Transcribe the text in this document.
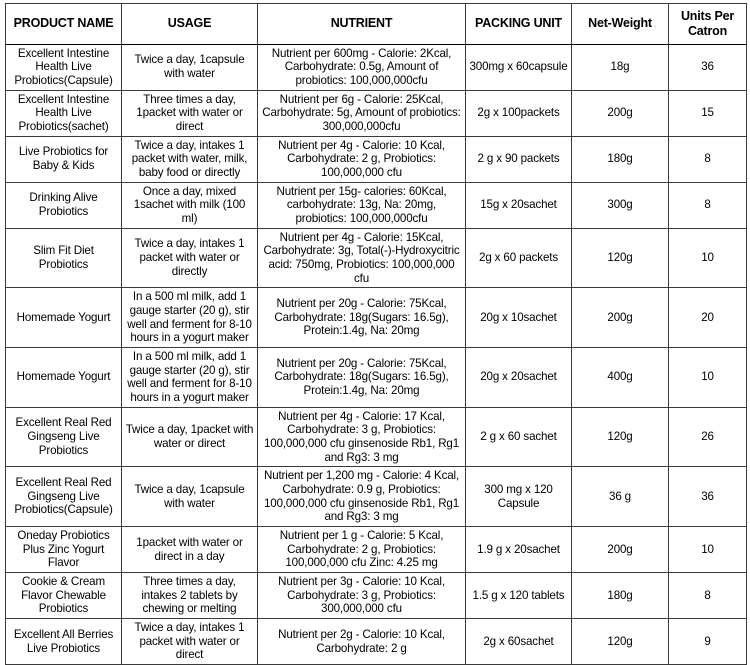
PRODUCT NAME	USAGE	NUTRIENT	PACKING UNIT	Net-Weight	Units Per Catron
Excellent Intestine Health Live Probiotics(Capsule)	Twice a day, 1capsule with water	Nutrient per 600mg - Calorie: 2Kcal, Carbohydrate: 0.5g, Amount of probiotics: 100,000,000cfu	300mg x 60capsule	18g	36
Excellent Intestine Health Live Probiotics(sachet)	Three times a day, 1packet with water or direct	Nutrient per 6g - Calorie: 25Kcal, Carbohydrate: 5g, Amount of probiotics: 300,000,000cfu	2g x 100packets	200g	15
Live Probiotics for Baby & Kids	Twice a day, intakes 1 packet with water, milk, baby food or directly	Nutrient per 4g - Calorie: 10 Kcal, Carbohydrate: 2 g, Probiotics: 100,000,000 cfu	2 g x 90 packets	180g	8
Drinking Alive Probiotics	Once a day, mixed 1sachet with milk (100 ml)	Nutrient per 15g- calories: 60Kcal, carbohydrate: 13g, Na: 20mg, probiotics: 100,000,000cfu	15g x 20sachet	300g	8
Slim Fit Diet Probiotics	Twice a day, intakes 1 packet with water or directly	Nutrient per 4g - Calorie: 15Kcal, Carbohydrate: 3g, Total(-)-Hydroxycitric acid: 750mg, Probiotics: 100,000,000 cfu	2g x 60 packets	120g	10
Homemade Yogurt	In a 500 ml milk, add 1 gauge starter (20 g), stir well and ferment for 8-10 hours in a yogurt maker	Nutrient per 20g - Calorie: 75Kcal, Carbohydrate: 18g(Sugars: 16.5g), Protein:1.4g, Na: 20mg	20g x 10sachet	200g	20
Homemade Yogurt	In a 500 ml milk, add 1 gauge starter (20 g), stir well and ferment for 8-10 hours in a yogurt maker	Nutrient per 20g - Calorie: 75Kcal, Carbohydrate: 18g(Sugars: 16.5g), Protein:1.4g, Na: 20mg	20g x 20sachet	400g	10
Excellent Real Red Gingseng Live Probiotics	Twice a day, 1packet with water or direct	Nutrient per 4g - Calorie: 17 Kcal, Carbohydrate: 3 g, Probiotics: 100,000,000 cfu ginsenoside Rb1, Rg1 and Rg3: 3 mg	2 g x 60 sachet	120g	26
Excellent Real Red Gingseng Live Probiotics(Capsule)	Twice a day, 1capsule with water	Nutrient per 1,200 mg - Calorie: 4 Kcal, Carbohydrate: 0.9 g, Probiotics: 100,000,000 cfu ginsenoside Rb1, Rg1 and Rg3: 3 mg	300 mg x 120 Capsule	36 g	36
Oneday Probiotics Plus Zinc Yogurt Flavor	1packet with water or direct in a day	Nutrient per 1 g - Calorie: 5 Kcal, Carbohydrate: 2 g, Probiotics: 100,000,000 cfu Zinc: 4.25 mg	1.9 g x 20sachet	200g	10
Cookie & Cream Flavor Chewable Probiotics	Three times a day, intakes 2 tablets by chewing or melting	Nutrient per 3g - Calorie: 10 Kcal, Carbohydrate: 3 g, Probiotics: 300,000,000 cfu	1.5 g x 120 tablets	180g	8
Excellent All Berries Live Probiotics	Twice a day, intakes 1 packet with water or direct	Nutrient per 2g - Calorie: 10 Kcal, Carbohydrate: 2 g	2g x 60sachet	120g	9
